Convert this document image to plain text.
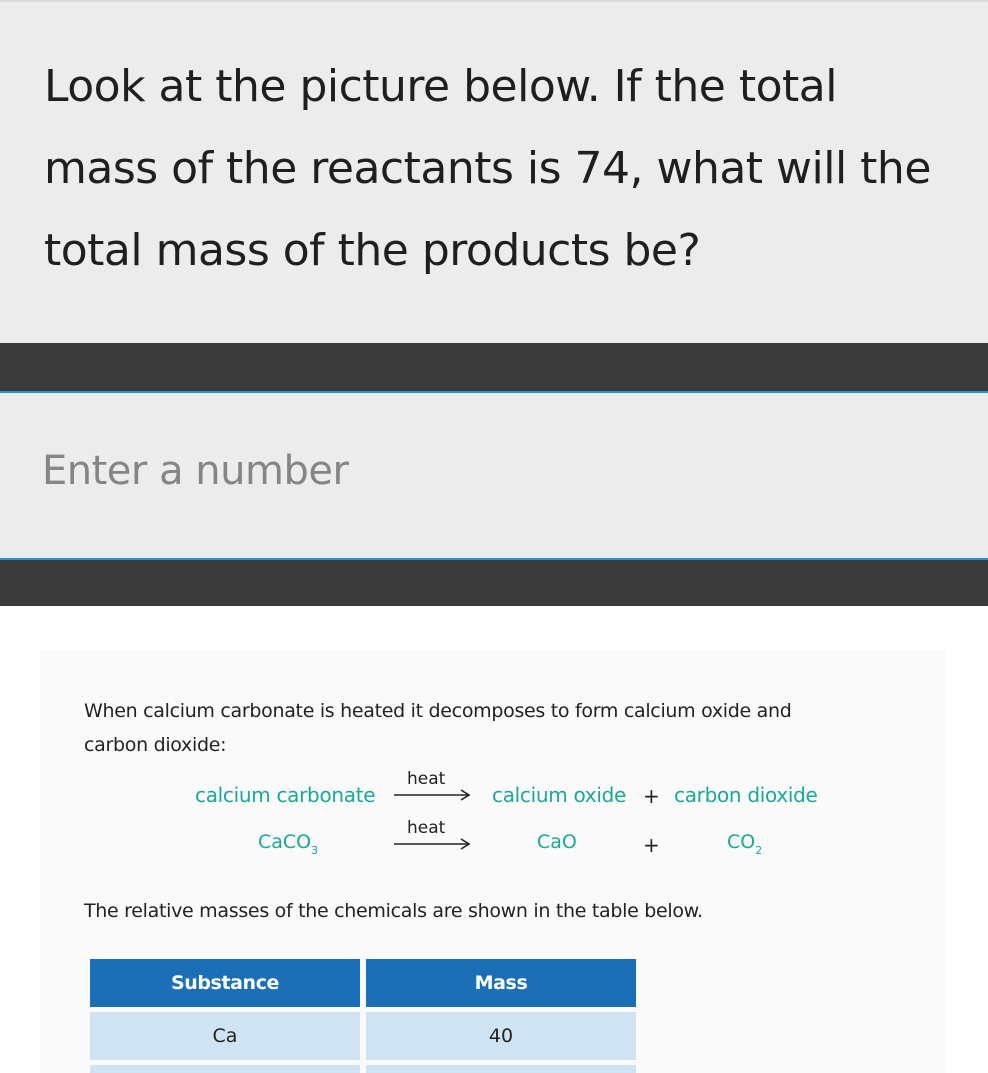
Look at the picture below. If the total
mass of the reactants is 74, what will the
total mass of the products be?
Enter a number
When calcium carbonate is heated it decomposes to form calcium oxide and
carbon dioxide:
calcium carbonate
heat
calcium oxide + carbon dioxide
CaCO$_3$
heat
CaO	+	$CO_2$
The relative masses of the chemicals are shown in the table below.
Substance	Mass
Ca	40
